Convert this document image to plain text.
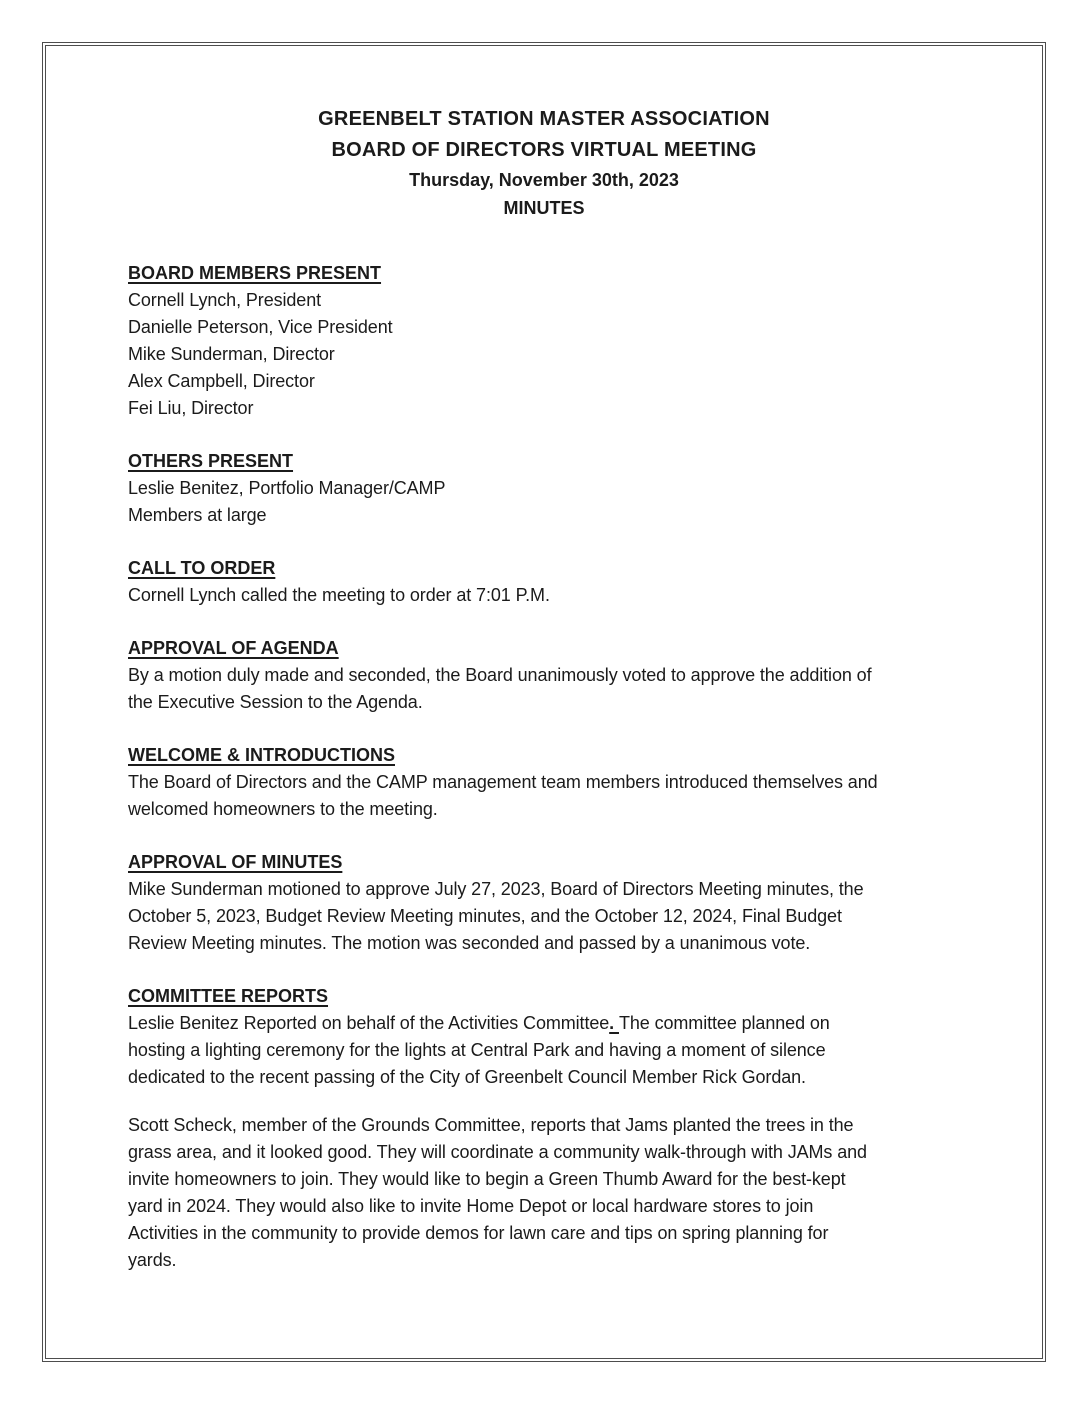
GREENBELT STATION MASTER ASSOCIATION
BOARD OF DIRECTORS VIRTUAL MEETING
Thursday, November 30th, 2023
MINUTES
BOARD MEMBERS PRESENT
Cornell Lynch, President
Danielle Peterson, Vice President
Mike Sunderman, Director
Alex Campbell, Director
Fei Liu, Director
OTHERS PRESENT
Leslie Benitez, Portfolio Manager/CAMP
Members at large
CALL TO ORDER
Cornell Lynch called the meeting to order at 7:01 P.M.
APPROVAL OF AGENDA
By a motion duly made and seconded, the Board unanimously voted to approve the addition of
the Executive Session to the Agenda.
WELCOME & INTRODUCTIONS
The Board of Directors and the CAMP management team members introduced themselves and
welcomed homeowners to the meeting.
APPROVAL OF MINUTES
Mike Sunderman motioned to approve July 27, 2023, Board of Directors Meeting minutes, the
October 5, 2023, Budget Review Meeting minutes, and the October 12, 2024, Final Budget
Review Meeting minutes. The motion was seconded and passed by a unanimous vote.
COMMITTEE REPORTS
Leslie Benitez Reported on behalf of the Activities Committee. The committee planned on
hosting a lighting ceremony for the lights at Central Park and having a moment of silence
dedicated to the recent passing of the City of Greenbelt Council Member Rick Gordan.
Scott Scheck, member of the Grounds Committee, reports that Jams planted the trees in the
grass area, and it looked good. They will coordinate a community walk-through with JAMs and
invite homeowners to join. They would like to begin a Green Thumb Award for the best-kept
yard in 2024. They would also like to invite Home Depot or local hardware stores to join
Activities in the community to provide demos for lawn care and tips on spring planning for
yards.
